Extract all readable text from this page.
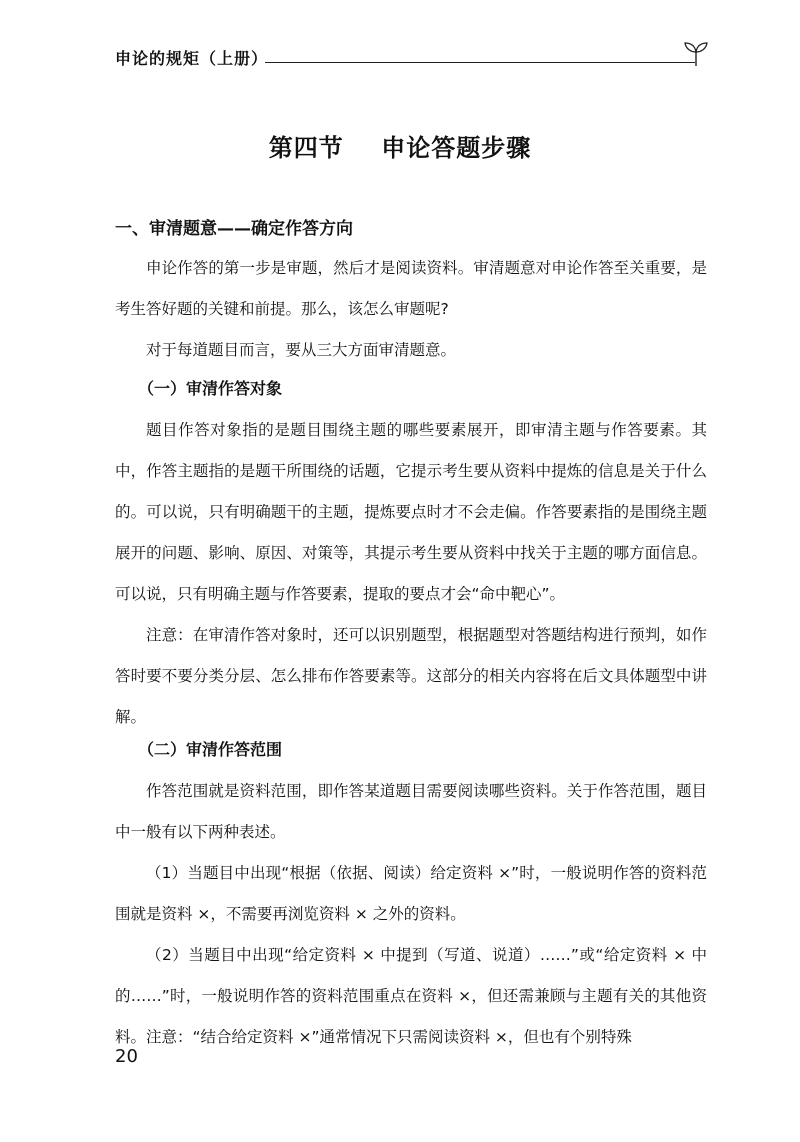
申论的规矩（上册）
第四节    申论答题步骤
一、审清题意——确定作答方向
申论作答的第一步是审题，然后才是阅读资料。审清题意对申论作答至关重要，是考生答好题的关键和前提。那么，该怎么审题呢?
对于每道题目而言，要从三大方面审清题意。
（一）审清作答对象
题目作答对象指的是题目围绕主题的哪些要素展开，即审清主题与作答要素。其中，作答主题指的是题干所围绕的话题，它提示考生要从资料中提炼的信息是关于什么的。可以说，只有明确题干的主题，提炼要点时才不会走偏。作答要素指的是围绕主题展开的问题、影响、原因、对策等，其提示考生要从资料中找关于主题的哪方面信息。可以说，只有明确主题与作答要素，提取的要点才会“命中靶心”。
注意：在审清作答对象时，还可以识别题型，根据题型对答题结构进行预判，如作答时要不要分类分层、怎么排布作答要素等。这部分的相关内容将在后文具体题型中讲解。
（二）审清作答范围
作答范围就是资料范围，即作答某道题目需要阅读哪些资料。关于作答范围，题目中一般有以下两种表述。
（1）当题目中出现“根据（依据、阅读）给定资料 ×”时，一般说明作答的资料范围就是资料 ×，不需要再浏览资料 × 之外的资料。
（2）当题目中出现“给定资料 × 中提到（写道、说道）……”或“给定资料 × 中的……”时，一般说明作答的资料范围重点在资料 ×，但还需兼顾与主题有关的其他资料。注意：“结合给定资料 ×”通常情况下只需阅读资料 ×，但也有个别特殊
20
